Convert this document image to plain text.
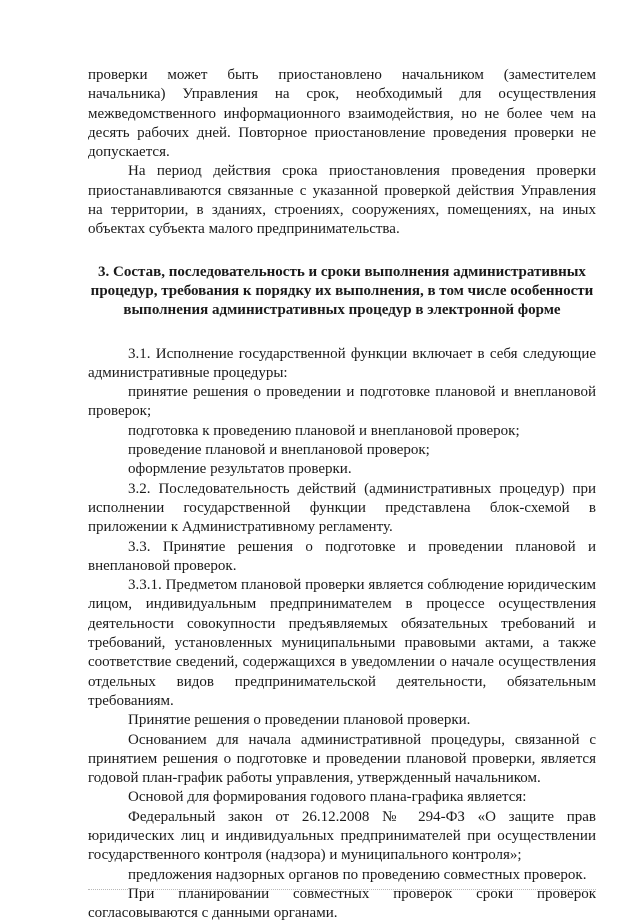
проверки может быть приостановлено начальником (заместителем начальника) Управления на срок, необходимый для осуществления межведомственного информационного взаимодействия, но не более чем на десять рабочих дней. Повторное приостановление проведения проверки не допускается.

На период действия срока приостановления проведения проверки приостанавливаются связанные с указанной проверкой действия Управления на территории, в зданиях, строениях, сооружениях, помещениях, на иных объектах субъекта малого предпринимательства.

3. Состав, последовательность и сроки выполнения административных процедур, требования к порядку их выполнения, в том числе особенности выполнения административных процедур в электронной форме

3.1. Исполнение государственной функции включает в себя следующие административные процедуры:

принятие решения о проведении и подготовке плановой и внеплановой проверок;

подготовка к проведению плановой и внеплановой проверок;

проведение плановой и внеплановой проверок;

оформление результатов проверки.

3.2. Последовательность действий (административных процедур) при исполнении государственной функции представлена блок-схемой в приложении к Административному регламенту.

3.3. Принятие решения о подготовке и проведении плановой и внеплановой проверок.

3.3.1. Предметом плановой проверки является соблюдение юридическим лицом, индивидуальным предпринимателем в процессе осуществления деятельности совокупности предъявляемых обязательных требований и требований, установленных муниципальными правовыми актами, а также соответствие сведений, содержащихся в уведомлении о начале осуществления отдельных видов предпринимательской деятельности, обязательным требованиям.

Принятие решения о проведении плановой проверки.

Основанием для начала административной процедуры, связанной с принятием решения о подготовке и проведении плановой проверки, является годовой план-график работы управления, утвержденный начальником.

Основой для формирования годового плана-графика является:

Федеральный закон от 26.12.2008 № 294-ФЗ «О защите прав юридических лиц и индивидуальных предпринимателей при осуществлении государственного контроля (надзора) и муниципального контроля»;

предложения надзорных органов по проведению совместных проверок.

При планировании совместных проверок сроки проверок согласовываются с данными органами.
